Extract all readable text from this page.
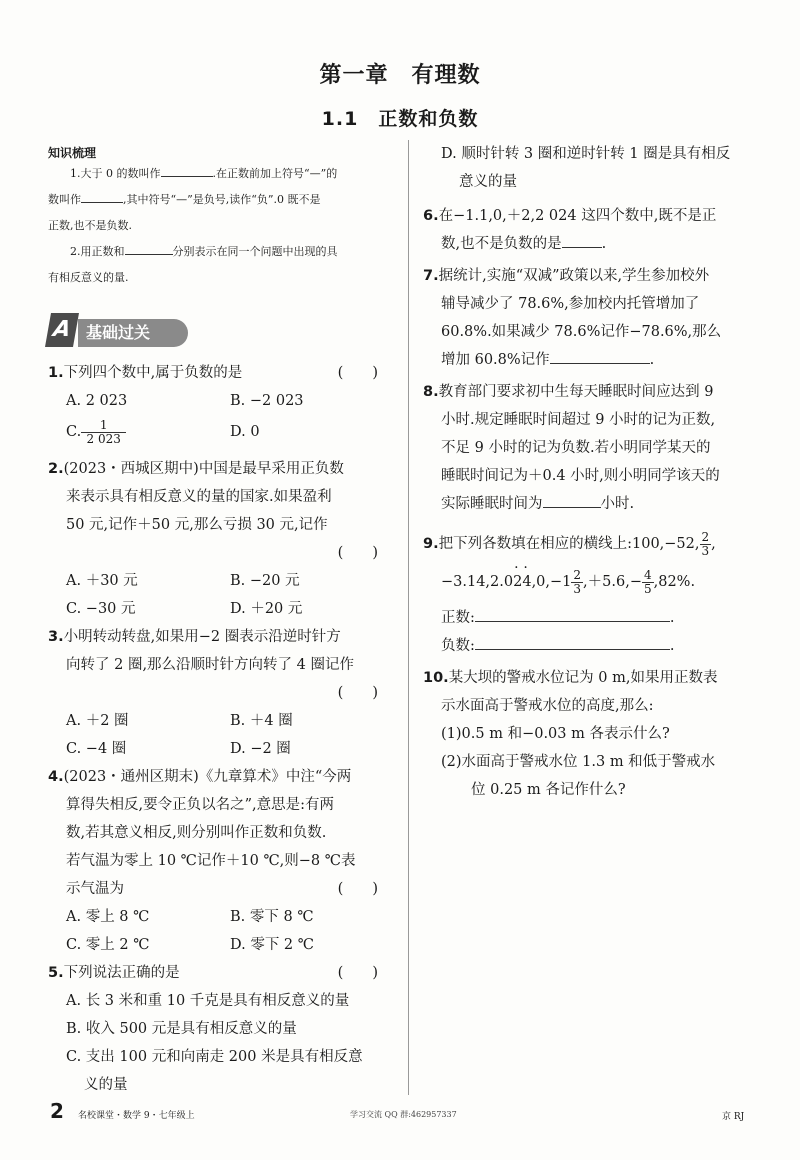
第一章　有理数
1.1　正数和负数
知识梳理
1.大于 0 的数叫作	.在正数前加上符号“—”的
数叫作	,其中符号“—”是负号,读作“负”.0 既不是
正数,也不是负数.
2.用正数和	分别表示在同一个问题中出现的具
有相反意义的量.
A 基础过关

1.下列四个数中,属于负数的是	(　　)

A. 2 023	B. −2 023
C. $\frac{1}{2 023}$	D. 0

2.(2023・西城区期中)中国是最早采用正负数

来表示具有相反意义的量的国家.如果盈利

50 元,记作＋50 元,那么亏损 30 元,记作

(　　)

A. ＋30 元	B. −20 元
C. −30 元	D. ＋20 元

3.小明转动转盘,如果用−2 圈表示沿逆时针方

向转了 2 圈,那么沿顺时针方向转了 4 圈记作

(　　)

A. ＋2 圈	B. ＋4 圈
C. −4 圈	D. −2 圈

4.(2023・通州区期末)《九章算术》中注“今两

算得失相反,要令正负以名之”,意思是:有两

数,若其意义相反,则分别叫作正数和负数.

若气温为零上 10 ℃记作＋10 ℃,则−8 ℃表

示气温为	(　　)

A. 零上 8 ℃	B. 零下 8 ℃
C. 零上 2 ℃	D. 零下 2 ℃

5.下列说法正确的是	(　　)

A. 长 3 米和重 10 千克是具有相反意义的量

B. 收入 500 元是具有相反意义的量

C. 支出 100 元和向南走 200 米是具有相反意

义的量

D. 顺时针转 3 圈和逆时针转 1 圈是具有相反

意义的量

6.在−1.1,0,＋2,2 024 这四个数中,既不是正

数,也不是负数的是	.

7.据统计,实施“双减”政策以来,学生参加校外

辅导减少了 78.6%,参加校内托管增加了

60.8%.如果减少 78.6%记作−78.6%,那么

增加 60.8%记作	.

8.教育部门要求初中生每天睡眠时间应达到 9

小时.规定睡眠时间超过 9 小时的记为正数,

不足 9 小时的记为负数.若小明同学某天的

睡眠时间记为＋0.4 小时,则小明同学该天的

实际睡眠时间为	小时.

9.把下列各数填在相应的横线上:100,−52, $\frac{2}{3}$ ,

$-3.14,2.0\cdot 2\cdot 4,0,-1 \frac{2}{3} ,+5.6,- \frac{4}{5} ,82\%$.

正数:	.

负数:	.

10.某大坝的警戒水位记为 0 m,如果用正数表

示水面高于警戒水位的高度,那么:

(1)0.5 m 和−0.03 m 各表示什么?

(2)水面高于警戒水位 1.3 m 和低于警戒水

位 0.25 m 各记作什么?

2 名校课堂・数学 9・七年级上	学习交流 QQ 群:462957337	京 RJ
